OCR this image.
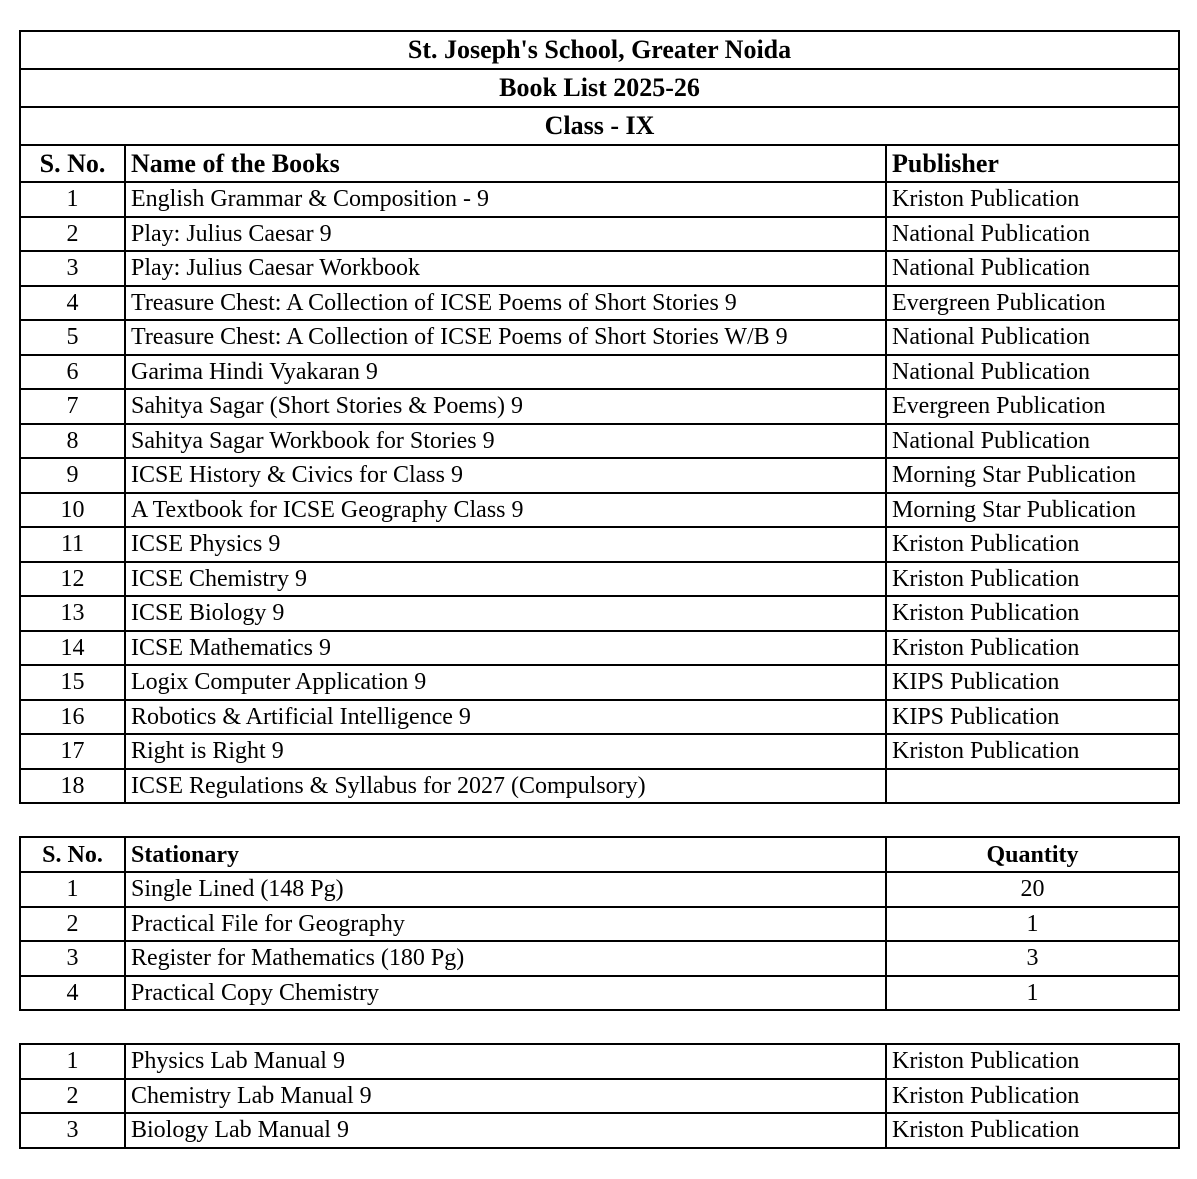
St. Joseph's School, Greater Noida		
Book List 2025-26		
Class - IX		
S. No.	Name of the Books	Publisher
1	English Grammar & Composition - 9	Kriston Publication
2	Play: Julius Caesar 9	National Publication
3	Play: Julius Caesar Workbook	National Publication
4	Treasure Chest: A Collection of ICSE Poems of Short Stories 9	Evergreen Publication
5	Treasure Chest: A Collection of ICSE Poems of Short Stories W/B 9	National Publication
6	Garima Hindi Vyakaran 9	National Publication
7	Sahitya Sagar (Short Stories & Poems) 9	Evergreen Publication
8	Sahitya Sagar Workbook for Stories 9	National Publication
9	ICSE History & Civics for Class 9	Morning Star Publication
10	A Textbook for ICSE Geography Class 9	Morning Star Publication
11	ICSE Physics 9	Kriston Publication
12	ICSE Chemistry 9	Kriston Publication
13	ICSE Biology 9	Kriston Publication
14	ICSE Mathematics 9	Kriston Publication
15	Logix Computer Application 9	KIPS Publication
16	Robotics & Artificial Intelligence 9	KIPS Publication
17	Right is Right 9	Kriston Publication
18	ICSE Regulations & Syllabus for 2027 (Compulsory)	
S. No.	Stationary	Quantity
1	Single Lined (148 Pg)	20
2	Practical File for Geography	1
3	Register for Mathematics (180 Pg)	3
4	Practical Copy Chemistry	1
1	Physics Lab Manual 9	Kriston Publication
2	Chemistry Lab Manual 9	Kriston Publication
3	Biology Lab Manual 9	Kriston Publication
